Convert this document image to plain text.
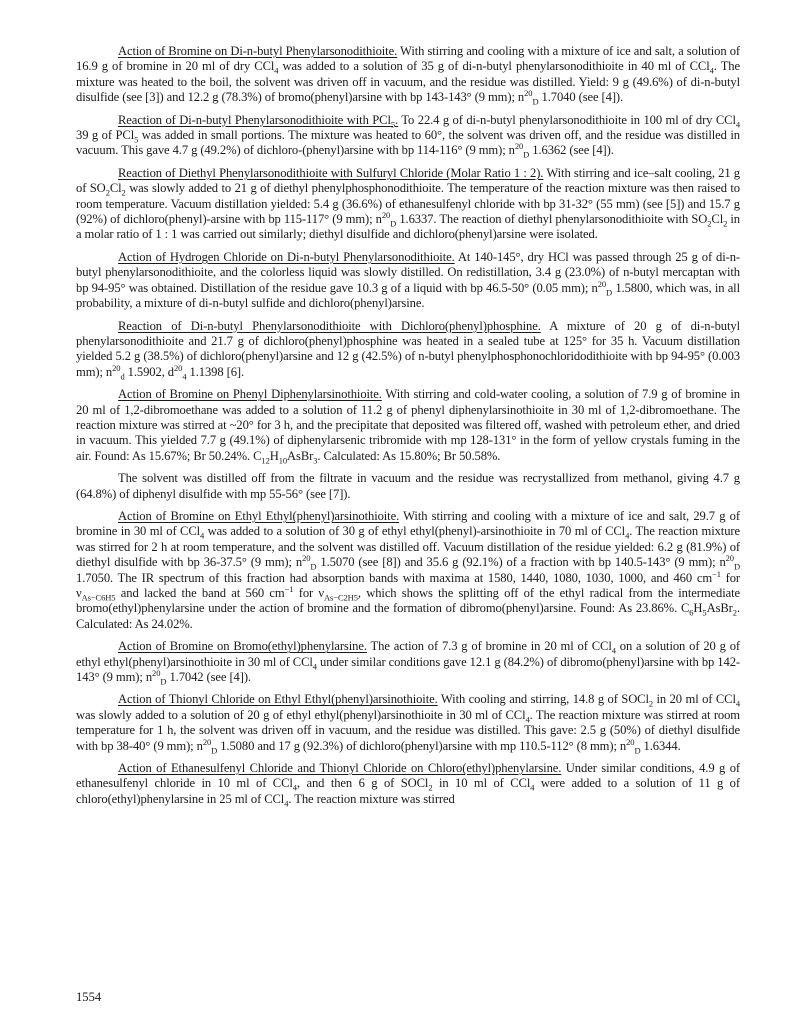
Action of Bromine on Di-n-butyl Phenylarsonodithioite. With stirring and cooling with a mixture of ice and salt, a solution of 16.9 g of bromine in 20 ml of dry CCl$_4$ was added to a solution of 35 g of di-n-butyl phenylarsonodithioite in 40 ml of CCl$_4$. The mixture was heated to the boil, the solvent was driven off in vacuum, and the residue was distilled. Yield: 9 g (49.6%) of di-n-butyl disulfide (see [3]) and 12.2 g (78.3%) of bromo(phenyl)arsine with bp 143-143° (9 mm); $n^{20}_D$ 1.7040 (see [4]).

Reaction of Di-n-butyl Phenylarsonodithioite with PCl$_5$. To 22.4 g of di-n-butyl phenylarsonodithioite in 100 ml of dry CCl$_4$ 39 g of PCl$_5$ was added in small portions. The mixture was heated to 60°, the solvent was driven off, and the residue was distilled in vacuum. This gave 4.7 g (49.2%) of dichloro-(phenyl)arsine with bp 114-116° (9 mm); $n^{20}_D$ 1.6362 (see [4]).

Reaction of Diethyl Phenylarsonodithioite with Sulfuryl Chloride (Molar Ratio 1 : 2). With stirring and ice–salt cooling, 21 g of $SO_2Cl_2$ was slowly added to 21 g of diethyl phenylphosphonodithioite. The temperature of the reaction mixture was then raised to room temperature. Vacuum distillation yielded: 5.4 g (36.6%) of ethanesulfenyl chloride with bp 31-32° (55 mm) (see [5]) and 15.7 g (92%) of dichloro(phenyl)-arsine with bp 115-117° (9 mm); $n^{20}_D$ 1.6337. The reaction of diethyl phenylarsonodithioite with $SO_2Cl_2$ in a molar ratio of 1 : 1 was carried out similarly; diethyl disulfide and dichloro(phenyl)arsine were isolated.

Action of Hydrogen Chloride on Di-n-butyl Phenylarsonodithioite. At 140-145°, dry HCl was passed through 25 g of di-n-butyl phenylarsonodithioite, and the colorless liquid was slowly distilled. On redistillation, 3.4 g (23.0%) of n-butyl mercaptan with bp 94-95° was obtained. Distillation of the residue gave 10.3 g of a liquid with bp 46.5-50° (0.05 mm); $n^{20}_D$ 1.5800, which was, in all probability, a mixture of di-n-butyl sulfide and dichloro(phenyl)arsine.

Reaction of Di-n-butyl Phenylarsonodithioite with Dichloro(phenyl)phosphine. A mixture of 20 g of di-n-butyl phenylarsonodithioite and 21.7 g of dichloro(phenyl)phosphine was heated in a sealed tube at 125° for 35 h. Vacuum distillation yielded 5.2 g (38.5%) of dichloro(phenyl)arsine and 12 g (42.5%) of n-butyl phenylphosphonochloridodithioite with bp 94-95° (0.003 mm); $n^{20}_d$ 1.5902, $d^{20}_4$ 1.1398 [6].

Action of Bromine on Phenyl Diphenylarsinothioite. With stirring and cold-water cooling, a solution of 7.9 g of bromine in 20 ml of 1,2-dibromoethane was added to a solution of 11.2 g of phenyl diphenylarsinothioite in 30 ml of 1,2-dibromoethane. The reaction mixture was stirred at ~20° for 3 h, and the precipitate that deposited was filtered off, washed with petroleum ether, and dried in vacuum. This yielded 7.7 g (49.1%) of diphenylarsenic tribromide with mp 128-131° in the form of yellow crystals fuming in the air. Found: As 15.67%; Br 50.24%. $C_{12}H_{10}AsBr_3$. Calculated: As 15.80%; Br 50.58%.

The solvent was distilled off from the filtrate in vacuum and the residue was recrystallized from methanol, giving 4.7 g (64.8%) of diphenyl disulfide with mp 55-56° (see [7]).

Action of Bromine on Ethyl Ethyl(phenyl)arsinothioite. With stirring and cooling with a mixture of ice and salt, 29.7 g of bromine in 30 ml of CCl$_4$ was added to a solution of 30 g of ethyl ethyl(phenyl)-arsinothioite in 70 ml of CCl$_4$. The reaction mixture was stirred for 2 h at room temperature, and the solvent was distilled off. Vacuum distillation of the residue yielded: 6.2 g (81.9%) of diethyl disulfide with bp 36-37.5° (9 mm); $n^{20}_D$ 1.5070 (see [8]) and 35.6 g (92.1%) of a fraction with bp 140.5-143° (9 mm); $n^{20}_D$ 1.7050. The IR spectrum of this fraction had absorption bands with maxima at 1580, 1440, 1080, 1030, 1000, and 460 $cm^{-1}$ for $\nu_{As-C6H5}$ and lacked the band at 560 $cm^{-1}$ for $\nu_{As-C2H5}$, which shows the splitting off of the ethyl radical from the intermediate bromo(ethyl)phenylarsine under the action of bromine and the formation of dibromo(phenyl)arsine. Found: As 23.86%. $C_6H_5AsBr_2$. Calculated: As 24.02%.

Action of Bromine on Bromo(ethyl)phenylarsine. The action of 7.3 g of bromine in 20 ml of CCl$_4$ on a solution of 20 g of ethyl ethyl(phenyl)arsinothioite in 30 ml of CCl$_4$ under similar conditions gave 12.1 g (84.2%) of dibromo(phenyl)arsine with bp 142-143° (9 mm); $n^{20}_D$ 1.7042 (see [4]).

Action of Thionyl Chloride on Ethyl Ethyl(phenyl)arsinothioite. With cooling and stirring, 14.8 g of SOCl$_2$ in 20 ml of CCl$_4$ was slowly added to a solution of 20 g of ethyl ethyl(phenyl)arsinothioite in 30 ml of CCl$_4$. The reaction mixture was stirred at room temperature for 1 h, the solvent was driven off in vacuum, and the residue was distilled. This gave: 2.5 g (50%) of diethyl disulfide with bp 38-40° (9 mm); $n^{20}_D$ 1.5080 and 17 g (92.3%) of dichloro(phenyl)arsine with mp 110.5-112° (8 mm); $n^{20}_D$ 1.6344.

Action of Ethanesulfenyl Chloride and Thionyl Chloride on Chloro(ethyl)phenylarsine. Under similar conditions, 4.9 g of ethanesulfenyl chloride in 10 ml of CCl$_4$, and then 6 g of SOCl$_2$ in 10 ml of CCl$_4$ were added to a solution of 11 g of chloro(ethyl)phenylarsine in 25 ml of CCl$_4$. The reaction mixture was stirred

1554
